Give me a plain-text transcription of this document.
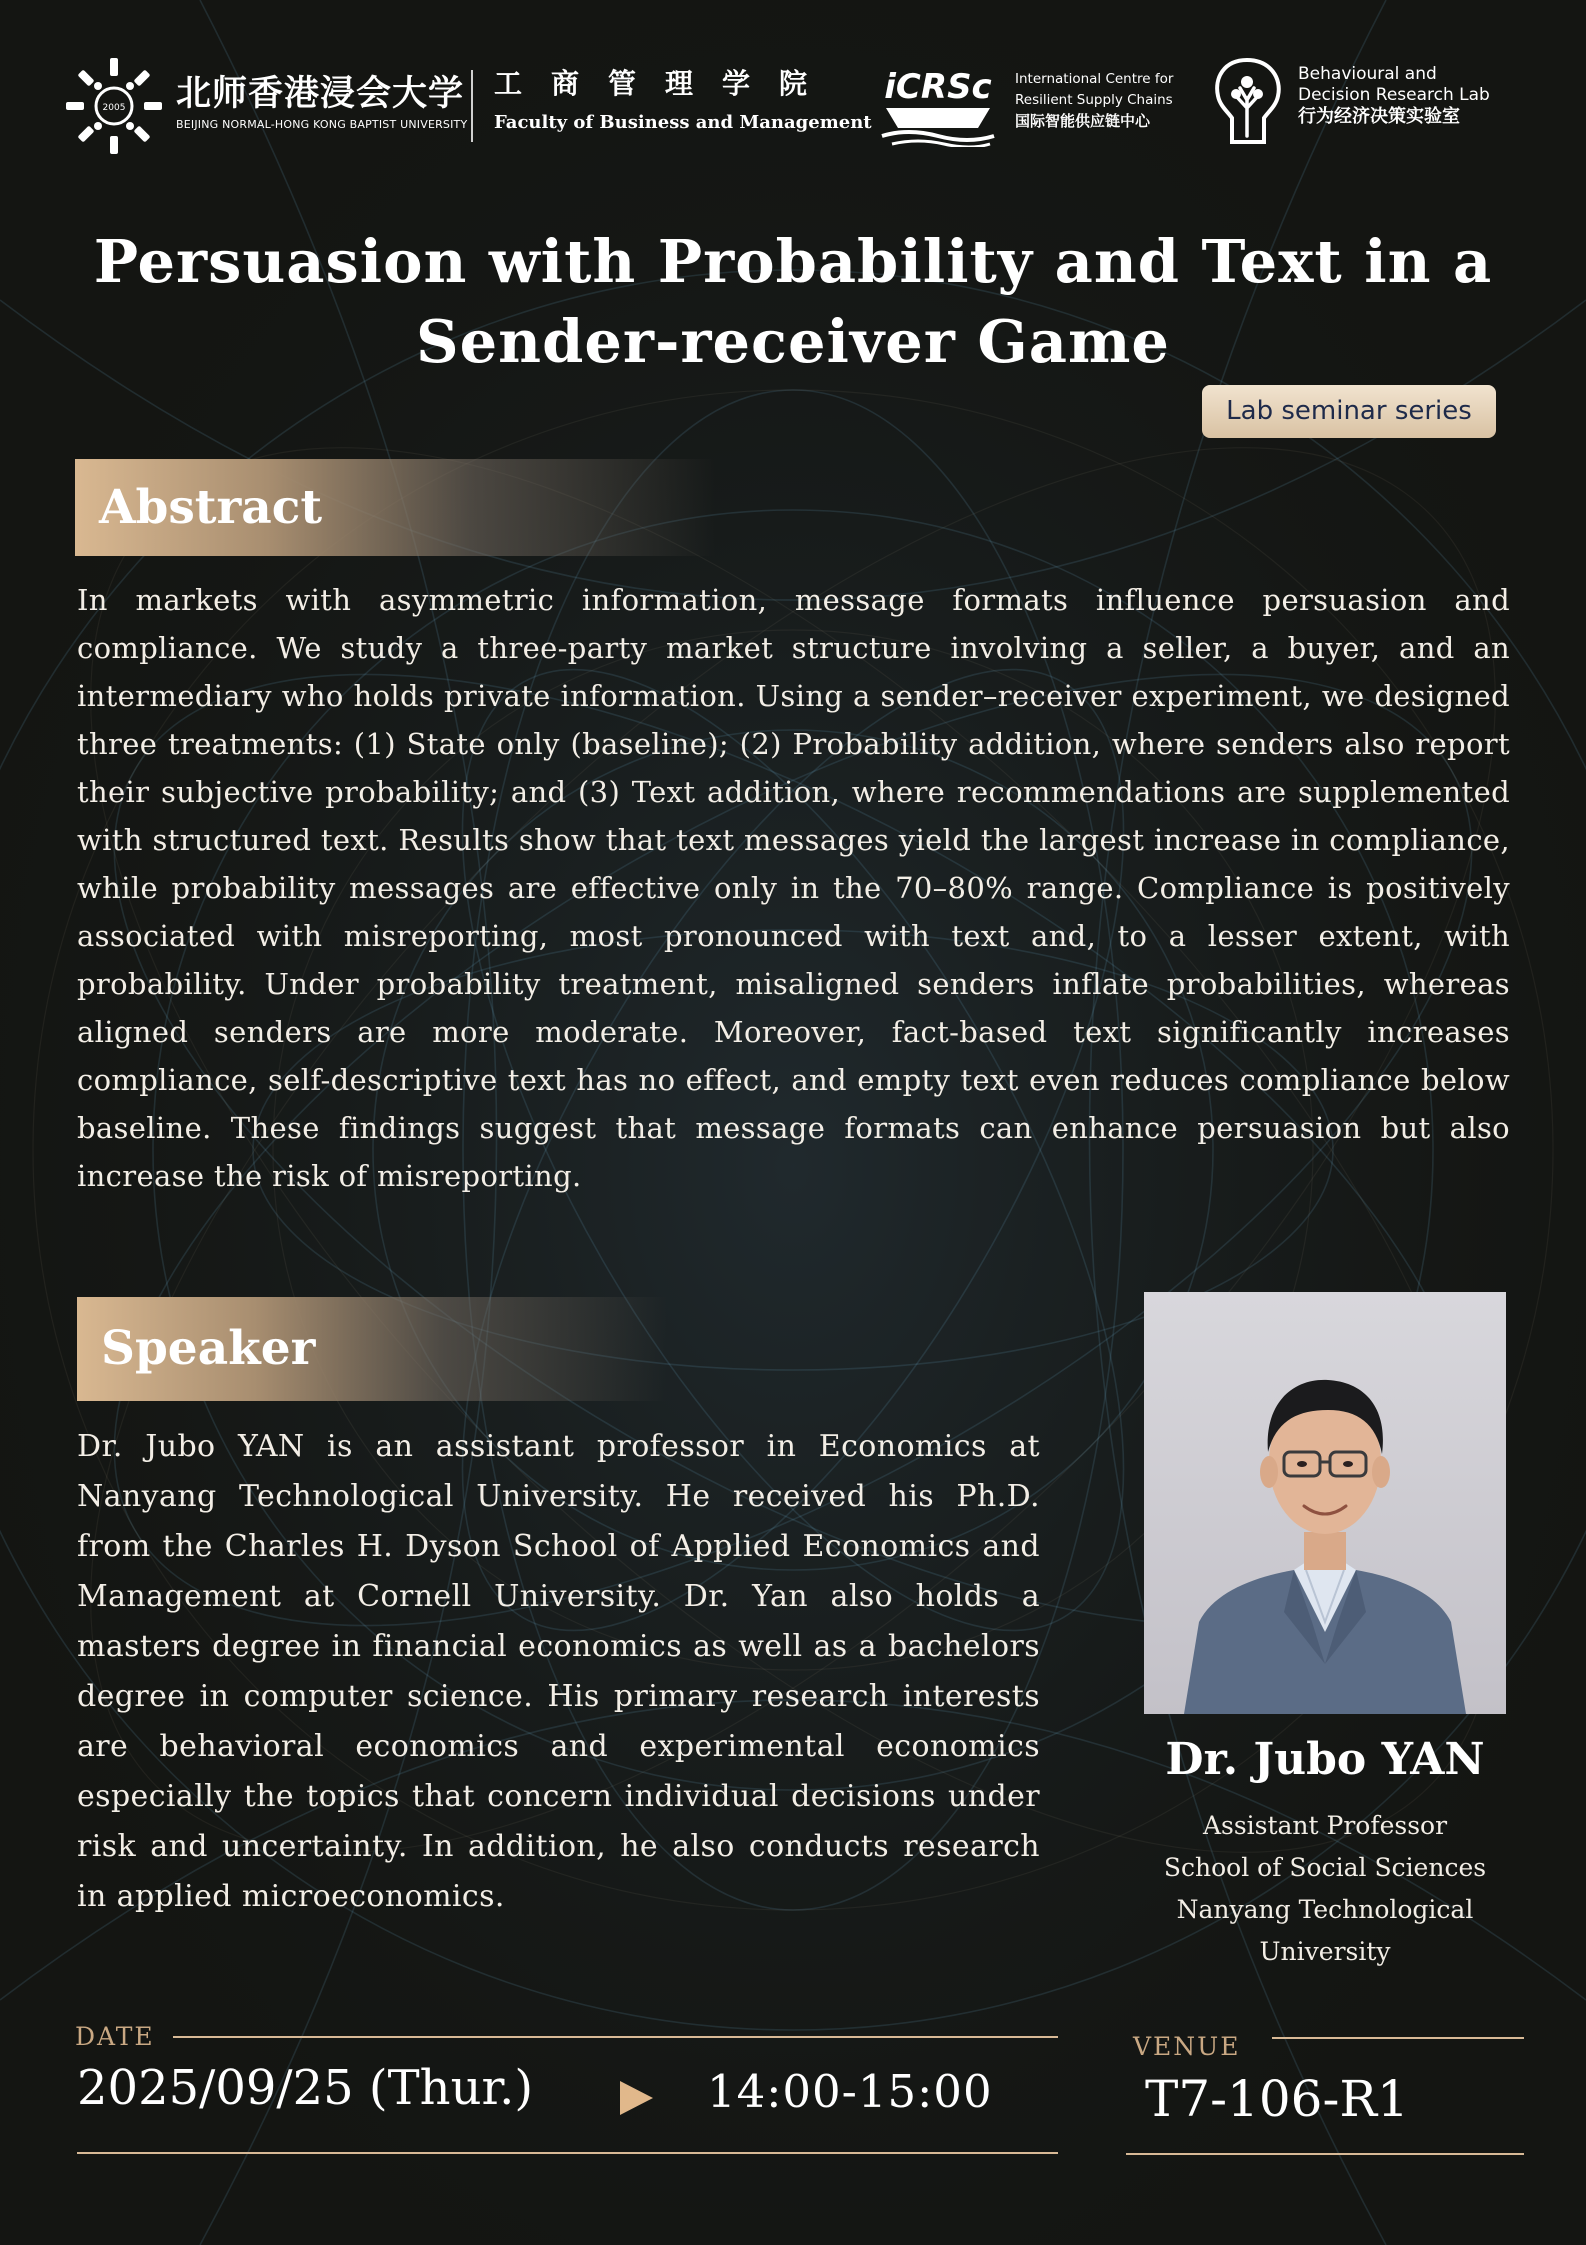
2005 北师香港浸会大学
BEIJING NORMAL-HONG KONG BAPTIST UNIVERSITY
工商管理学院
Faculty of Business and Management
iCRSc International Centre for
Resilient Supply Chains
国际智能供应链中心
Behavioural and
Decision Research Lab
行为经济决策实验室
Persuasion with Probability and Text in a
Sender-receiver Game
Lab seminar series
Abstract
In markets with asymmetric information, message formats influence persuasion and compliance. We study a three-party market structure involving a seller, a buyer, and an intermediary who holds private information. Using a sender–receiver experiment, we designed three treatments: (1) State only (baseline); (2) Probability addition, where senders also report their subjective probability; and (3) Text addition, where recommendations are supplemented with structured text. Results show that text messages yield the largest increase in compliance, while probability messages are effective only in the 70–80% range. Compliance is positively associated with misreporting, most pronounced with text and, to a lesser extent, with probability. Under probability treatment, misaligned senders inflate probabilities, whereas aligned senders are more moderate. Moreover, fact-based text significantly increases compliance, self-descriptive text has no effect, and empty text even reduces compliance below baseline. These findings suggest that message formats can enhance persuasion but also increase the risk of misreporting.
Speaker
Dr. Jubo YAN is an assistant professor in Economics at Nanyang Technological University. He received his Ph.D. from the Charles H. Dyson School of Applied Economics and Management at Cornell University. Dr. Yan also holds a masters degree in financial economics as well as a bachelors degree in computer science. His primary research interests are behavioral economics and experimental economics especially the topics that concern individual decisions under risk and uncertainty. In addition, he also conducts research in applied microeconomics.
Dr. Jubo YAN
Assistant Professor
School of Social Sciences
Nanyang Technological
University
DATE
2025/09/25 (Thur.)	14:00-15:00
VENUE
T7-106-R1
